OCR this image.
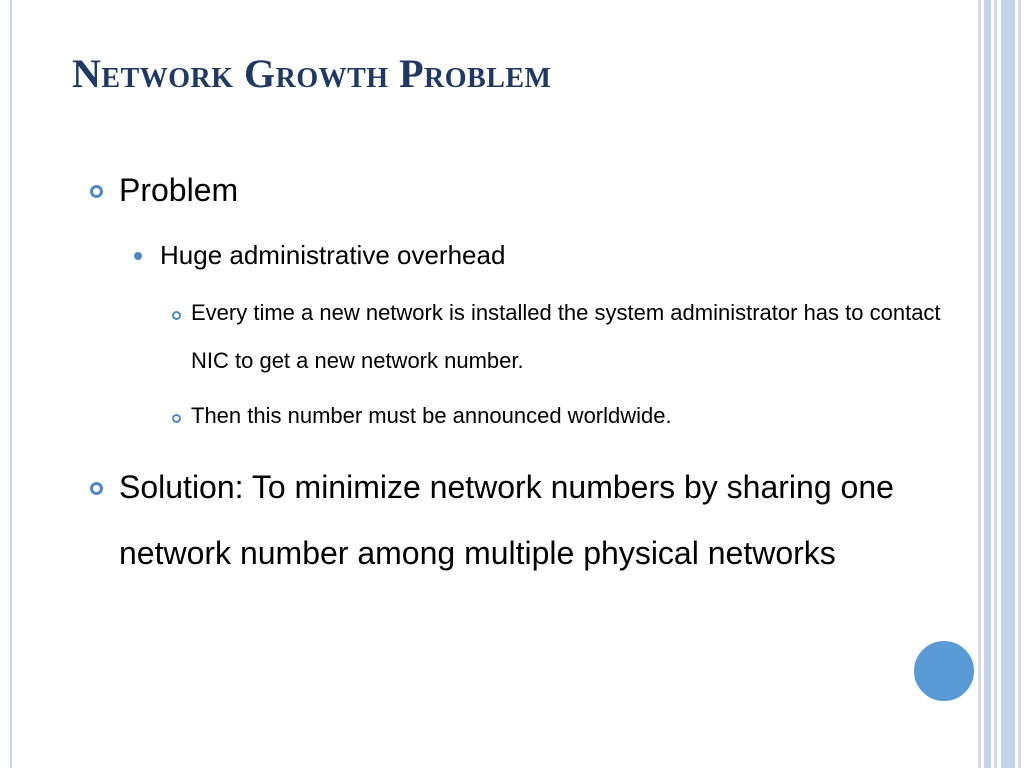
Network Growth Problem
Problem
Huge administrative overhead
Every time a new network is installed the system administrator has to contact NIC to get a new network number.
Then this number must be announced worldwide.
Solution: To minimize network numbers by sharing one network number among multiple physical networks
